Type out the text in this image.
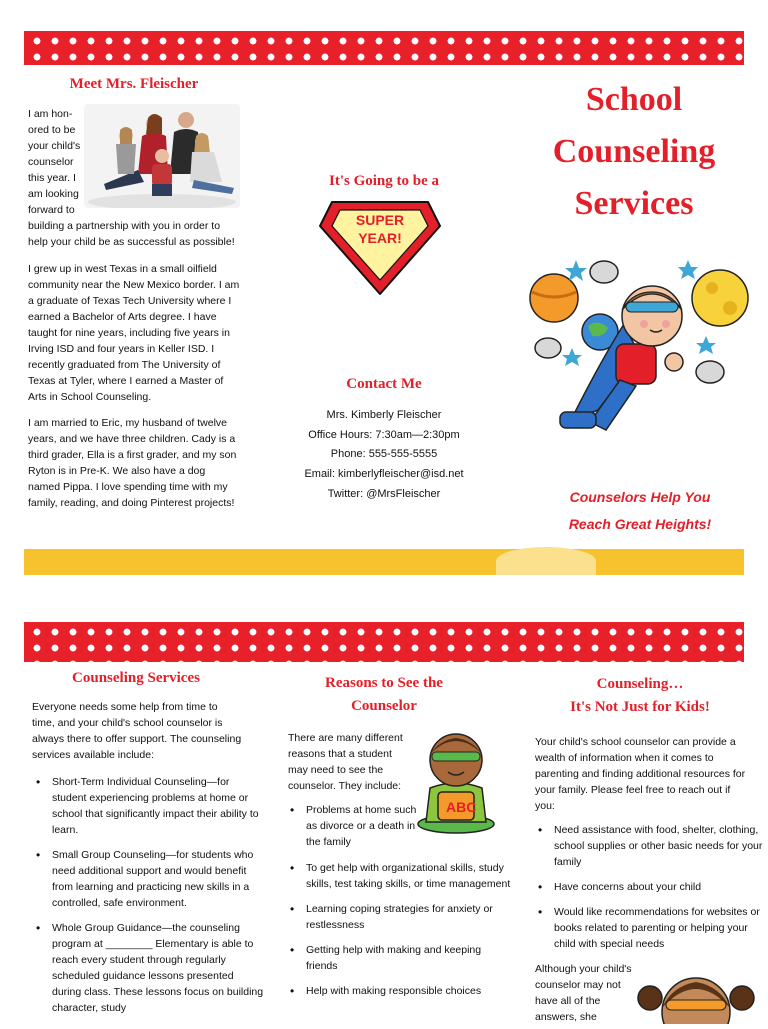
Meet Mrs. Fleischer
I am hon-
ored to be
your child's
counselor
this year. I
am looking
forward to
building a partnership with you in order to help your child be as successful as possible!
I grew up in west Texas in a small oilfield community near the New Mexico border. I am a graduate of Texas Tech University where I earned a Bachelor of Arts degree. I have taught for nine years, including five years in Irving ISD and four years in Keller ISD. I recently graduated from The University of Texas at Tyler, where I earned a Master of Arts in School Counseling.
I am married to Eric, my husband of twelve years, and we have three children. Cady is a third grader, Ella is a first grader, and my son Ryton is in Pre-K. We also have a dog named Pippa. I love spending time with my family, reading, and doing Pinterest projects!
It's Going to be a
SUPER
YEAR!
Contact Me
Mrs. Kimberly Fleischer
Office Hours: 7:30am—2:30pm
Phone: 555-555-5555
Email: kimberlyfleischer@isd.net
Twitter: @MrsFleischer
School
Counseling
Services
Counselors Help You
Reach Great Heights!
Counseling Services
Everyone needs some help from time to time, and your child's school counselor is always there to offer support. The counseling services available include:
• Short-Term Individual Counseling—for student experiencing problems at home or school that significantly impact their ability to learn.
• Small Group Counseling—for students who need additional support and would benefit from learning and practicing new skills in a controlled, safe environment.
• Whole Group Guidance—the counseling program at ________ Elementary is able to reach every student through regularly scheduled guidance lessons presented during class. These lessons focus on building character, study
Reasons to See the
Counselor
There are many different reasons that a student may need to see the counselor. They include:
ABC
• Problems at home such as divorce or a death in the family
• To get help with organizational skills, study skills, test taking skills, or time management
• Learning coping strategies for anxiety or restlessness
• Getting help with making and keeping friends
• Help with making responsible choices
Counseling…
It's Not Just for Kids!
Your child's school counselor can provide a wealth of information when it comes to parenting and finding additional resources for your family. Please feel free to reach out if you:
• Need assistance with food, shelter, clothing, school supplies or other basic needs for your family
• Have concerns about your child
• Would like recommendations for websites or books related to parenting or helping your child with special needs
Although your child's counselor may not have all of the answers, she
